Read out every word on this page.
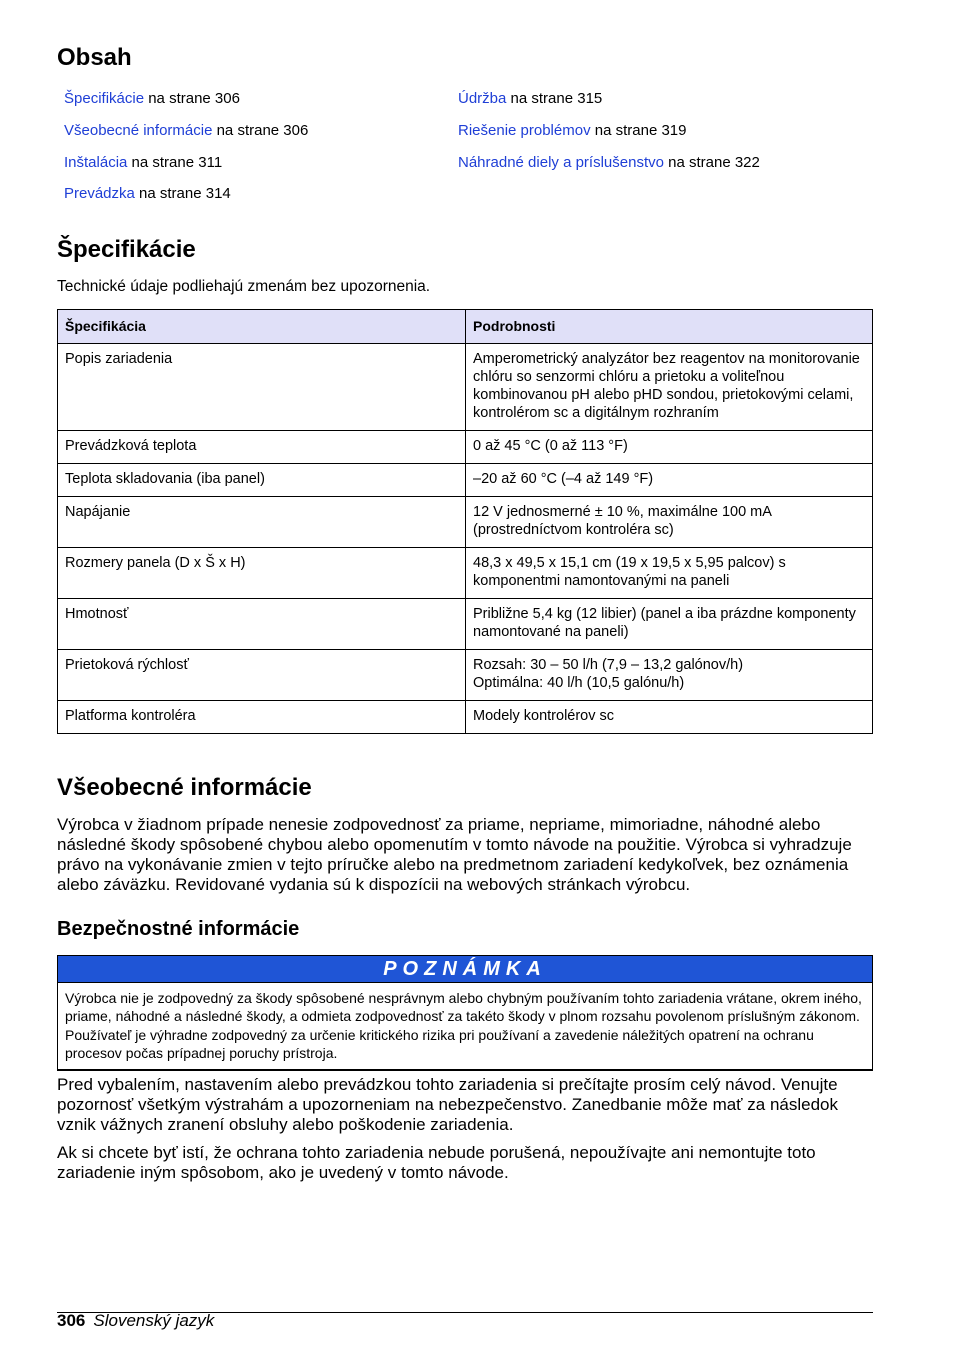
Obsah
Špecifikácie na strane 306
Všeobecné informácie na strane 306
Inštalácia na strane 311
Prevádzka na strane 314
Údržba na strane 315
Riešenie problémov na strane 319
Náhradné diely a príslušenstvo na strane 322
Špecifikácie
Technické údaje podliehajú zmenám bez upozornenia.
Špecifikácia	Podrobnosti
Popis zariadenia	Amperometrický analyzátor bez reagentov na monitorovanie chlóru so senzormi chlóru a prietoku a voliteľnou kombinovanou pH alebo pHD sondou, prietokovými celami, kontrolérom sc a digitálnym rozhraním
Prevádzková teplota	0 až 45 °C (0 až 113 °F)
Teplota skladovania (iba panel)	–20 až 60 °C (–4 až 149 °F)
Napájanie	12 V jednosmerné ± 10 %, maximálne 100 mA (prostredníctvom kontroléra sc)
Rozmery panela (D x Š x H)	48,3 x 49,5 x 15,1 cm (19 x 19,5 x 5,95 palcov) s komponentmi namontovanými na paneli
Hmotnosť	Približne 5,4 kg (12 libier) (panel a iba prázdne komponenty namontované na paneli)
Prietoková rýchlosť	Rozsah: 30 – 50 l/h (7,9 – 13,2 galónov/h)
Optimálna: 40 l/h (10,5 galónu/h)
Platforma kontroléra	Modely kontrolérov sc
Všeobecné informácie
Výrobca v žiadnom prípade nenesie zodpovednosť za priame, nepriame, mimoriadne, náhodné alebo následné škody spôsobené chybou alebo opomenutím v tomto návode na použitie. Výrobca si vyhradzuje právo na vykonávanie zmien v tejto príručke alebo na predmetnom zariadení kedykoľvek, bez oznámenia alebo záväzku. Revidované vydania sú k dispozícii na webových stránkach výrobcu.
Bezpečnostné informácie
POZNÁMKA
Výrobca nie je zodpovedný za škody spôsobené nesprávnym alebo chybným používaním tohto zariadenia vrátane, okrem iného, priame, náhodné a následné škody, a odmieta zodpovednosť za takéto škody v plnom rozsahu povolenom príslušným zákonom. Používateľ je výhradne zodpovedný za určenie kritického rizika pri používaní a zavedenie náležitých opatrení na ochranu procesov počas prípadnej poruchy prístroja.
Pred vybalením, nastavením alebo prevádzkou tohto zariadenia si prečítajte prosím celý návod. Venujte pozornosť všetkým výstrahám a upozorneniam na nebezpečenstvo. Zanedbanie môže mať za následok vznik vážnych zranení obsluhy alebo poškodenie zariadenia.
Ak si chcete byť istí, že ochrana tohto zariadenia nebude porušená, nepoužívajte ani nemontujte toto zariadenie iným spôsobom, ako je uvedený v tomto návode.
306 Slovenský jazyk
